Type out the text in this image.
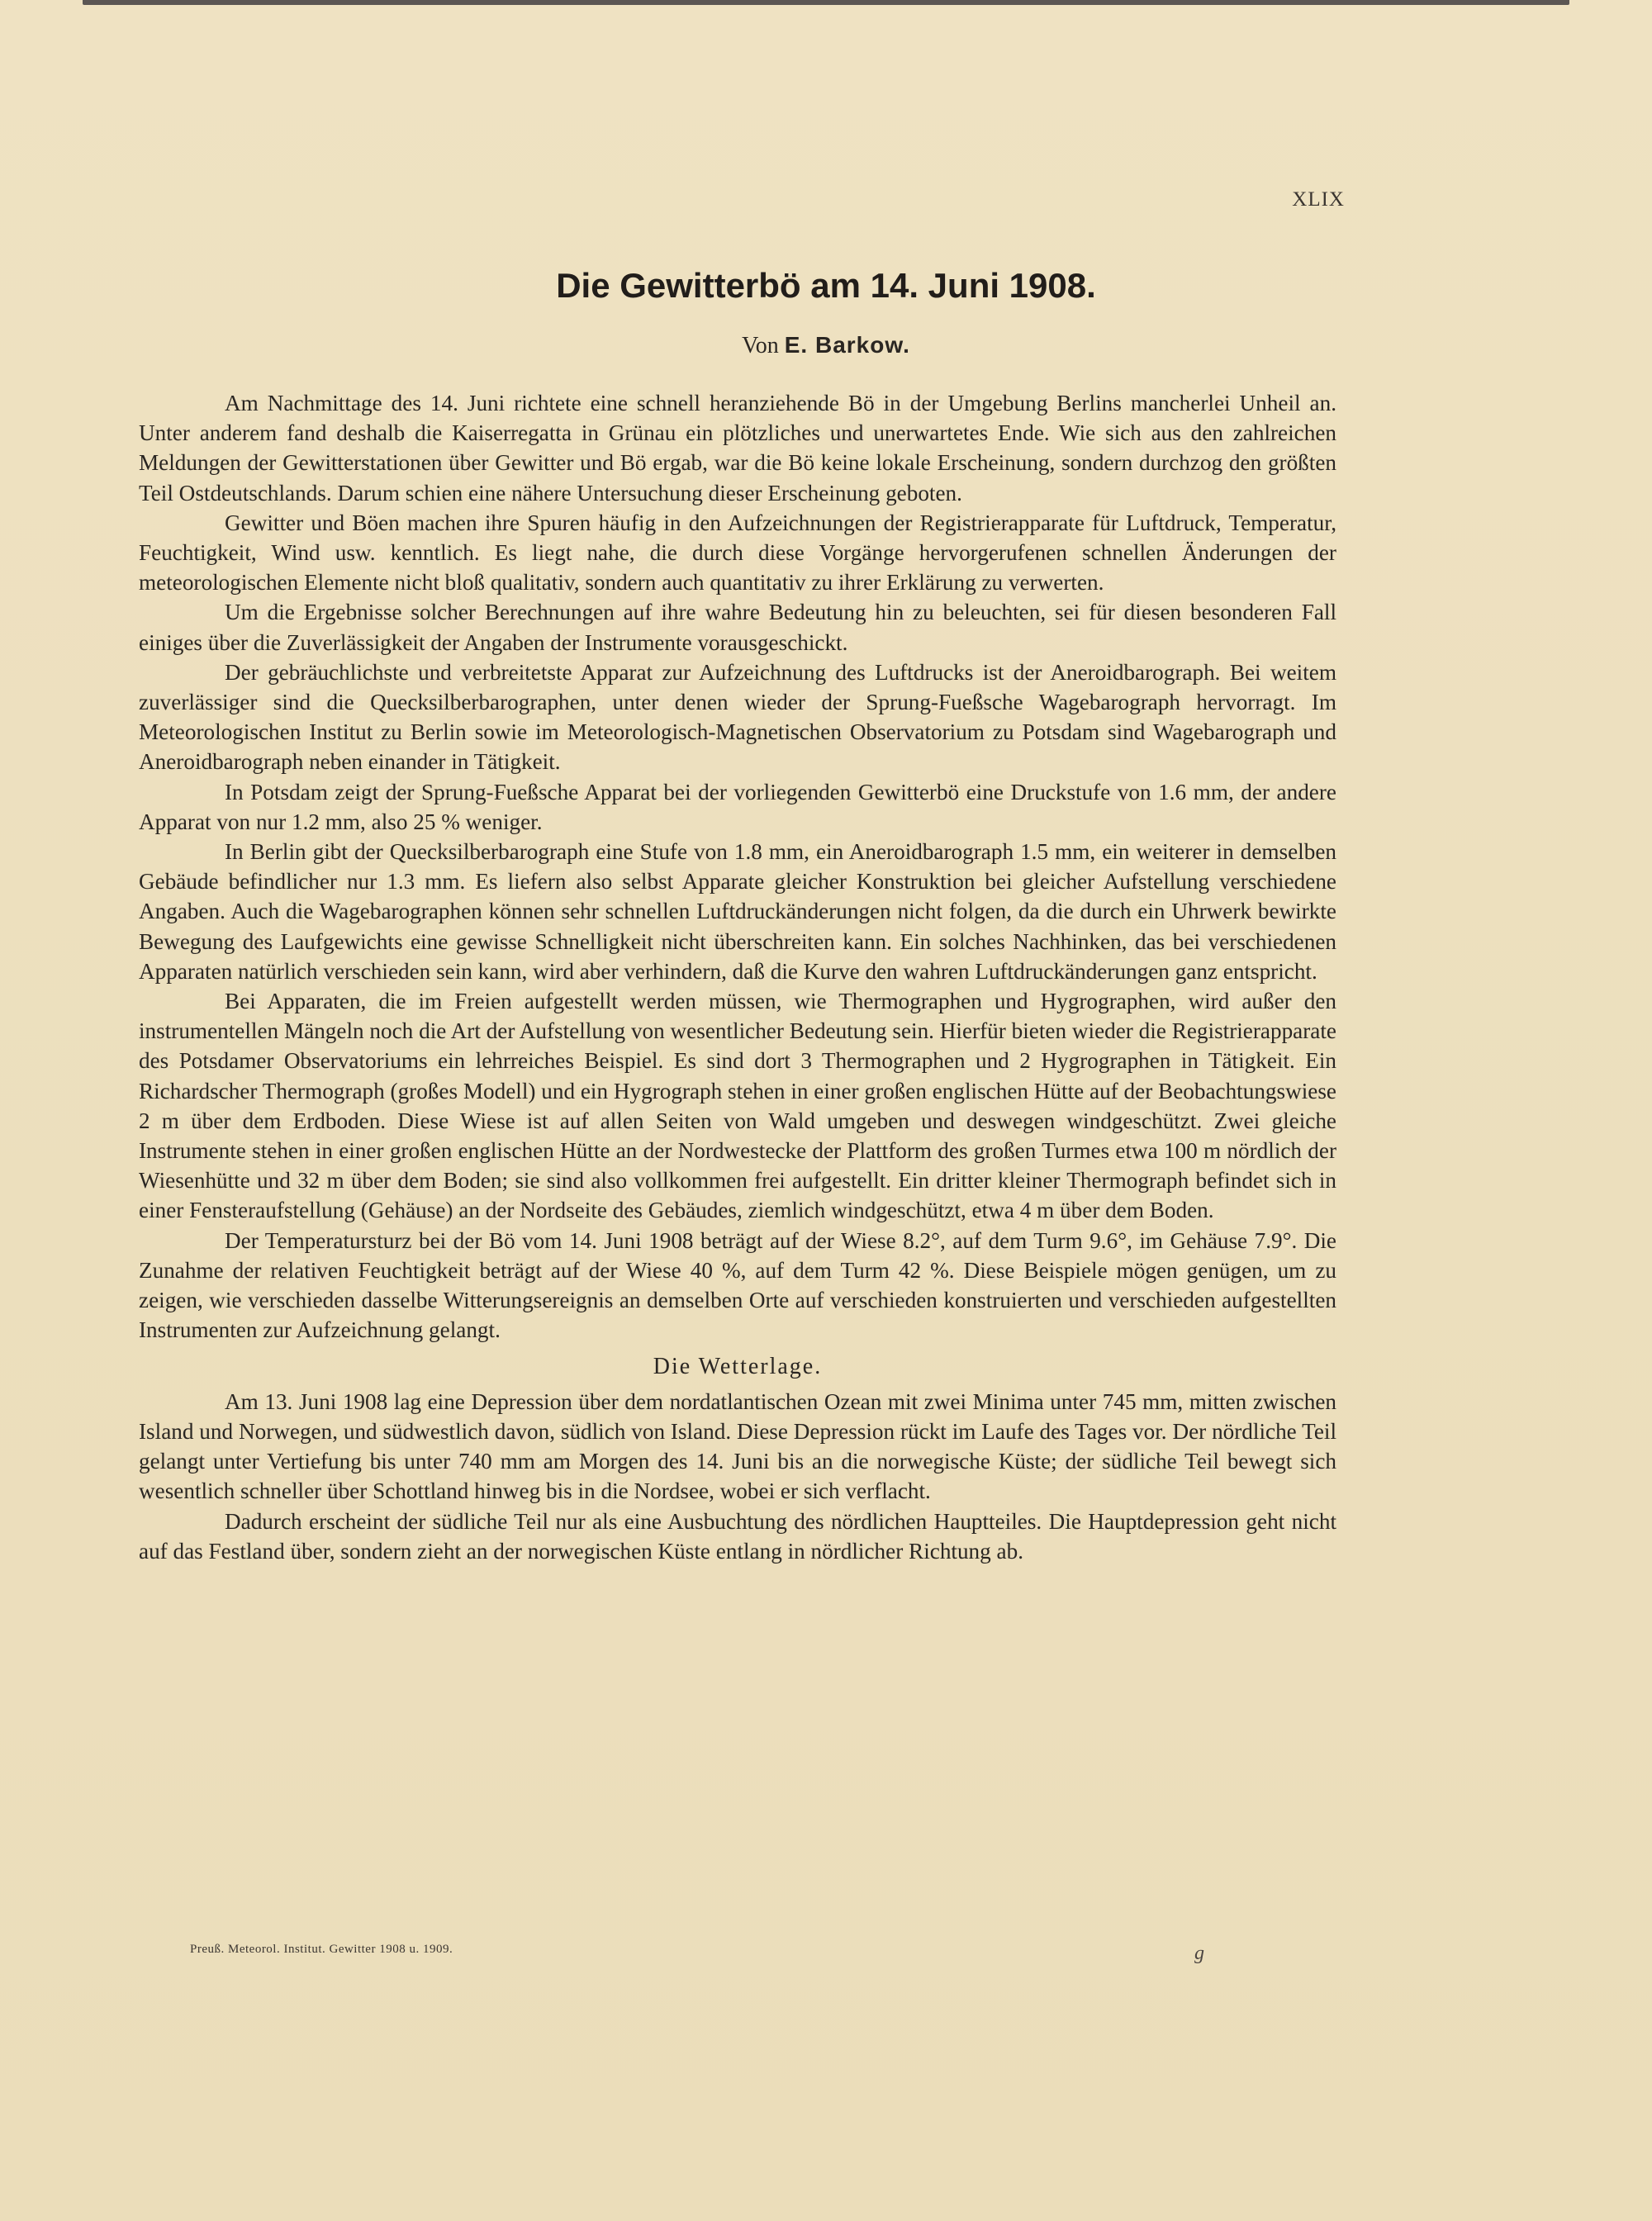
XLIX
Die Gewitterbö am 14. Juni 1908.
Von E. Barkow.

Am Nachmittage des 14. Juni richtete eine schnell heranziehende Bö in der Umgebung Berlins mancherlei Unheil an. Unter anderem fand deshalb die Kaiserregatta in Grünau ein plötzliches und unerwartetes Ende. Wie sich aus den zahlreichen Meldungen der Gewitterstationen über Gewitter und Bö ergab, war die Bö keine lokale Erscheinung, sondern durchzog den größten Teil Ostdeutschlands. Darum schien eine nähere Untersuchung dieser Erscheinung geboten.

Gewitter und Böen machen ihre Spuren häufig in den Aufzeichnungen der Registrierapparate für Luftdruck, Temperatur, Feuchtigkeit, Wind usw. kenntlich. Es liegt nahe, die durch diese Vorgänge hervorgerufenen schnellen Änderungen der meteorologischen Elemente nicht bloß qualitativ, sondern auch quantitativ zu ihrer Erklärung zu verwerten.

Um die Ergebnisse solcher Berechnungen auf ihre wahre Bedeutung hin zu beleuchten, sei für diesen besonderen Fall einiges über die Zuverlässigkeit der Angaben der Instrumente vorausgeschickt.

Der gebräuchlichste und verbreitetste Apparat zur Aufzeichnung des Luftdrucks ist der Aneroidbarograph. Bei weitem zuverlässiger sind die Quecksilberbarographen, unter denen wieder der Sprung-Fueßsche Wagebarograph hervorragt. Im Meteorologischen Institut zu Berlin sowie im Meteorologisch-Magnetischen Observatorium zu Potsdam sind Wagebarograph und Aneroidbarograph neben einander in Tätigkeit.

In Potsdam zeigt der Sprung-Fueßsche Apparat bei der vorliegenden Gewitterbö eine Druckstufe von 1.6 mm, der andere Apparat von nur 1.2 mm, also 25 % weniger.

In Berlin gibt der Quecksilberbarograph eine Stufe von 1.8 mm, ein Aneroidbarograph 1.5 mm, ein weiterer in demselben Gebäude befindlicher nur 1.3 mm. Es liefern also selbst Apparate gleicher Konstruktion bei gleicher Aufstellung verschiedene Angaben. Auch die Wagebarographen können sehr schnellen Luftdruckänderungen nicht folgen, da die durch ein Uhrwerk bewirkte Bewegung des Laufgewichts eine gewisse Schnelligkeit nicht überschreiten kann. Ein solches Nachhinken, das bei verschiedenen Apparaten natürlich verschieden sein kann, wird aber verhindern, daß die Kurve den wahren Luftdruckänderungen ganz entspricht.

Bei Apparaten, die im Freien aufgestellt werden müssen, wie Thermographen und Hygrographen, wird außer den instrumentellen Mängeln noch die Art der Aufstellung von wesentlicher Bedeutung sein. Hierfür bieten wieder die Registrierapparate des Potsdamer Observatoriums ein lehrreiches Beispiel. Es sind dort 3 Thermographen und 2 Hygrographen in Tätigkeit. Ein Richardscher Thermograph (großes Modell) und ein Hygrograph stehen in einer großen englischen Hütte auf der Beobachtungswiese 2 m über dem Erdboden. Diese Wiese ist auf allen Seiten von Wald umgeben und deswegen windgeschützt. Zwei gleiche Instrumente stehen in einer großen englischen Hütte an der Nordwestecke der Plattform des großen Turmes etwa 100 m nördlich der Wiesenhütte und 32 m über dem Boden; sie sind also vollkommen frei aufgestellt. Ein dritter kleiner Thermograph befindet sich in einer Fensteraufstellung (Gehäuse) an der Nordseite des Gebäudes, ziemlich windgeschützt, etwa 4 m über dem Boden.

Der Temperatursturz bei der Bö vom 14. Juni 1908 beträgt auf der Wiese 8.2°, auf dem Turm 9.6°, im Gehäuse 7.9°. Die Zunahme der relativen Feuchtigkeit beträgt auf der Wiese 40 %, auf dem Turm 42 %. Diese Beispiele mögen genügen, um zu zeigen, wie verschieden dasselbe Witterungsereignis an demselben Orte auf verschieden konstruierten und verschieden aufgestellten Instrumenten zur Aufzeichnung gelangt.

Die Wetterlage.

Am 13. Juni 1908 lag eine Depression über dem nordatlantischen Ozean mit zwei Minima unter 745 mm, mitten zwischen Island und Norwegen, und südwestlich davon, südlich von Island. Diese Depression rückt im Laufe des Tages vor. Der nördliche Teil gelangt unter Vertiefung bis unter 740 mm am Morgen des 14. Juni bis an die norwegische Küste; der südliche Teil bewegt sich wesentlich schneller über Schottland hinweg bis in die Nordsee, wobei er sich verflacht.

Dadurch erscheint der südliche Teil nur als eine Ausbuchtung des nördlichen Hauptteiles. Die Hauptdepression geht nicht auf das Festland über, sondern zieht an der norwegischen Küste entlang in nördlicher Richtung ab.

Preuß. Meteorol. Institut. Gewitter 1908 u. 1909.	g
